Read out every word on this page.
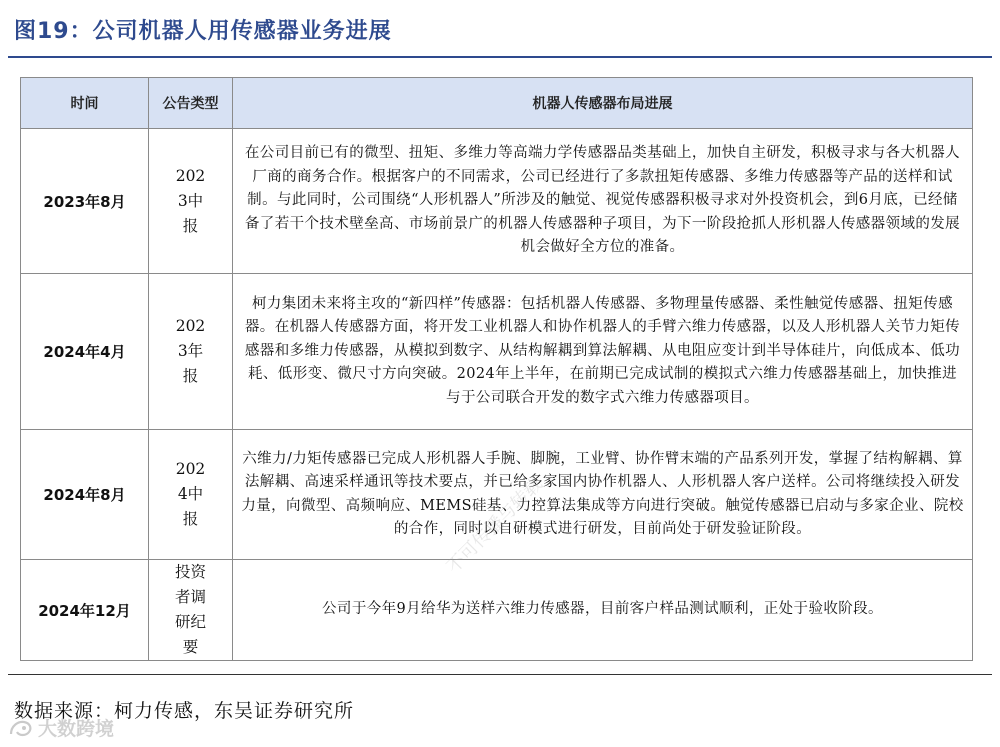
图19：公司机器人用传感器业务进展
时间	公告类型	机器人传感器布局进展
2023年8月	2023中报	在公司目前已有的微型、扭矩、多维力等高端力学传感器品类基础上，加快自主研发，积极寻求与各大机器人厂商的商务合作。根据客户的不同需求，公司已经进行了多款扭矩传感器、多维力传感器等产品的送样和试制。与此同时，公司围绕“人形机器人”所涉及的触觉、视觉传感器积极寻求对外投资机会，到6月底，已经储备了若干个技术壁垒高、市场前景广的机器人传感器种子项目，为下一阶段抢抓人形机器人传感器领域的发展机会做好全方位的准备。
2024年4月	2023年报	柯力集团未来将主攻的“新四样”传感器：包括机器人传感器、多物理量传感器、柔性触觉传感器、扭矩传感器。在机器人传感器方面，将开发工业机器人和协作机器人的手臂六维力传感器，以及人形机器人关节力矩传感器和多维力传感器，从模拟到数字、从结构解耦到算法解耦、从电阻应变计到半导体硅片，向低成本、低功耗、低形变、微尺寸方向突破。2024年上半年，在前期已完成试制的模拟式六维力传感器基础上，加快推进与于公司联合开发的数字式六维力传感器项目。
2024年8月	2024中报	六维力/力矩传感器已完成人形机器人手腕、脚腕，工业臂、协作臂末端的产品系列开发，掌握了结构解耦、算法解耦、高速采样通讯等技术要点，并已给多家国内协作机器人、人形机器人客户送样。公司将继续投入研发力量，向微型、高频响应、MEMS硅基、力控算法集成等方向进行突破。触觉传感器已启动与多家企业、院校的合作，同时以自研模式进行研发，目前尚处于研发验证阶段。
2024年12月	投资者调研纪要	公司于今年9月给华为送样六维力传感器，目前客户样品测试顺利，正处于验收阶段。
不可传播与转载
数据来源：柯力传感，东吴证券研究所
大数跨境
